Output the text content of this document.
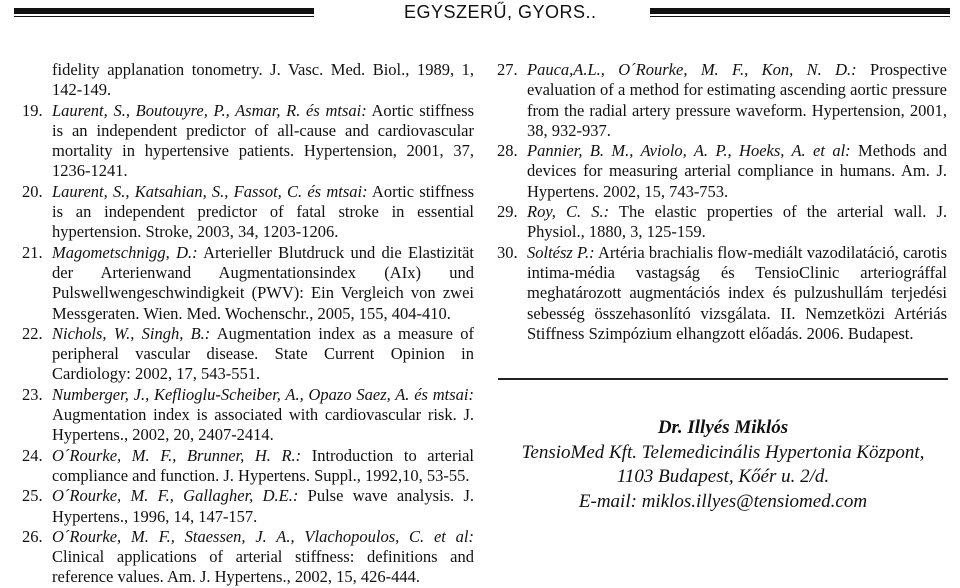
EGYSZERŰ, GYORS..
fidelity applanation tonometry. J. Vasc. Med. Biol., 1989, 1, 142-149.
19. Laurent, S., Boutouyre, P., Asmar, R. és mtsai: Aortic stiffness is an independent predictor of all-cause and cardiovascular mortality in hypertensive patients. Hypertension, 2001, 37, 1236-1241.
20. Laurent, S., Katsahian, S., Fassot, C. és mtsai: Aortic stiffness is an independent predictor of fatal stroke in essential hypertension. Stroke, 2003, 34, 1203-1206.
21. Magometschnigg, D.: Arterieller Blutdruck und die Elastizität der Arterienwand Augmentationsindex (AIx) und Pulswellwengeschwindigkeit (PWV): Ein Vergleich von zwei Messgeraten. Wien. Med. Wochenschr., 2005, 155, 404-410.
22. Nichols, W., Singh, B.: Augmentation index as a measure of peripheral vascular disease. State Current Opinion in Cardiology: 2002, 17, 543-551.
23. Numberger, J., Keflioglu-Scheiber, A., Opazo Saez, A. és mtsai: Augmentation index is associated with cardiovascular risk. J. Hypertens., 2002, 20, 2407-2414.
24. O´Rourke, M. F., Brunner, H. R.: Introduction to arterial compliance and function. J. Hypertens. Suppl., 1992,10, 53-55.
25. O´Rourke, M. F., Gallagher, D.E.: Pulse wave analysis. J. Hypertens., 1996, 14, 147-157.
26. O´Rourke, M. F., Staessen, J. A., Vlachopoulos, C. et al: Clinical applications of arterial stiffness: definitions and reference values. Am. J. Hypertens., 2002, 15, 426-444.
27. Pauca,A.L., O´Rourke, M. F., Kon, N. D.: Prospective evaluation of a method for estimating ascending aortic pressure from the radial artery pressure waveform. Hypertension, 2001, 38, 932-937.
28. Pannier, B. M., Aviolo, A. P., Hoeks, A. et al: Methods and devices for measuring arterial compliance in humans. Am. J. Hypertens. 2002, 15, 743-753.
29. Roy, C. S.: The elastic properties of the arterial wall. J. Physiol., 1880, 3, 125-159.
30. Soltész P.: Artéria brachialis flow-mediált vazodilatáció, carotis intima-média vastagság és TensioClinic arteriográffal meghatározott augmentációs index és pulzushullám terjedési sebesség összehasonlító vizsgálata. II. Nemzetközi Artériás Stiffness Szimpózium elhangzott előadás. 2006. Budapest.
Dr. Illyés Miklós
TensioMed Kft. Telemedicinális Hypertonia Központ,
1103 Budapest, Kőér u. 2/d.
E-mail: miklos.illyes@tensiomed.com
